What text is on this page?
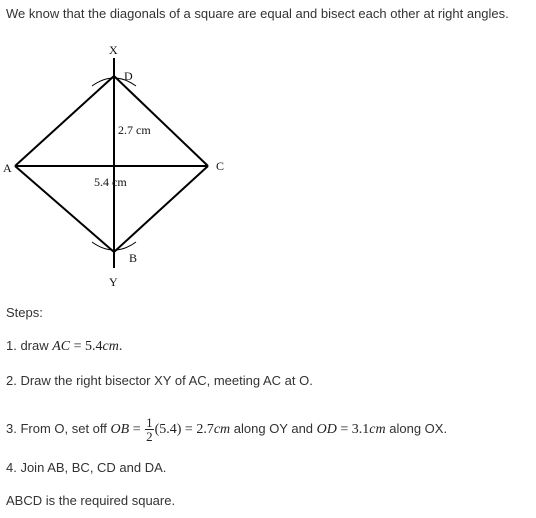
We know that the diagonals of a square are equal and bisect each other at right angles.
X
D
A	C
B
Y
2.7 cm
5.4 cm
Steps:
1. draw AC = 5.4cm.
2. Draw the right bisector XY of AC, meeting AC at O.
3. From O, set off OB = $\frac{1}{2} (5.4) = 2.7cm$ along OY and OD = 3.1cm along OX.
4. Join AB, BC, CD and DA.
ABCD is the required square.
